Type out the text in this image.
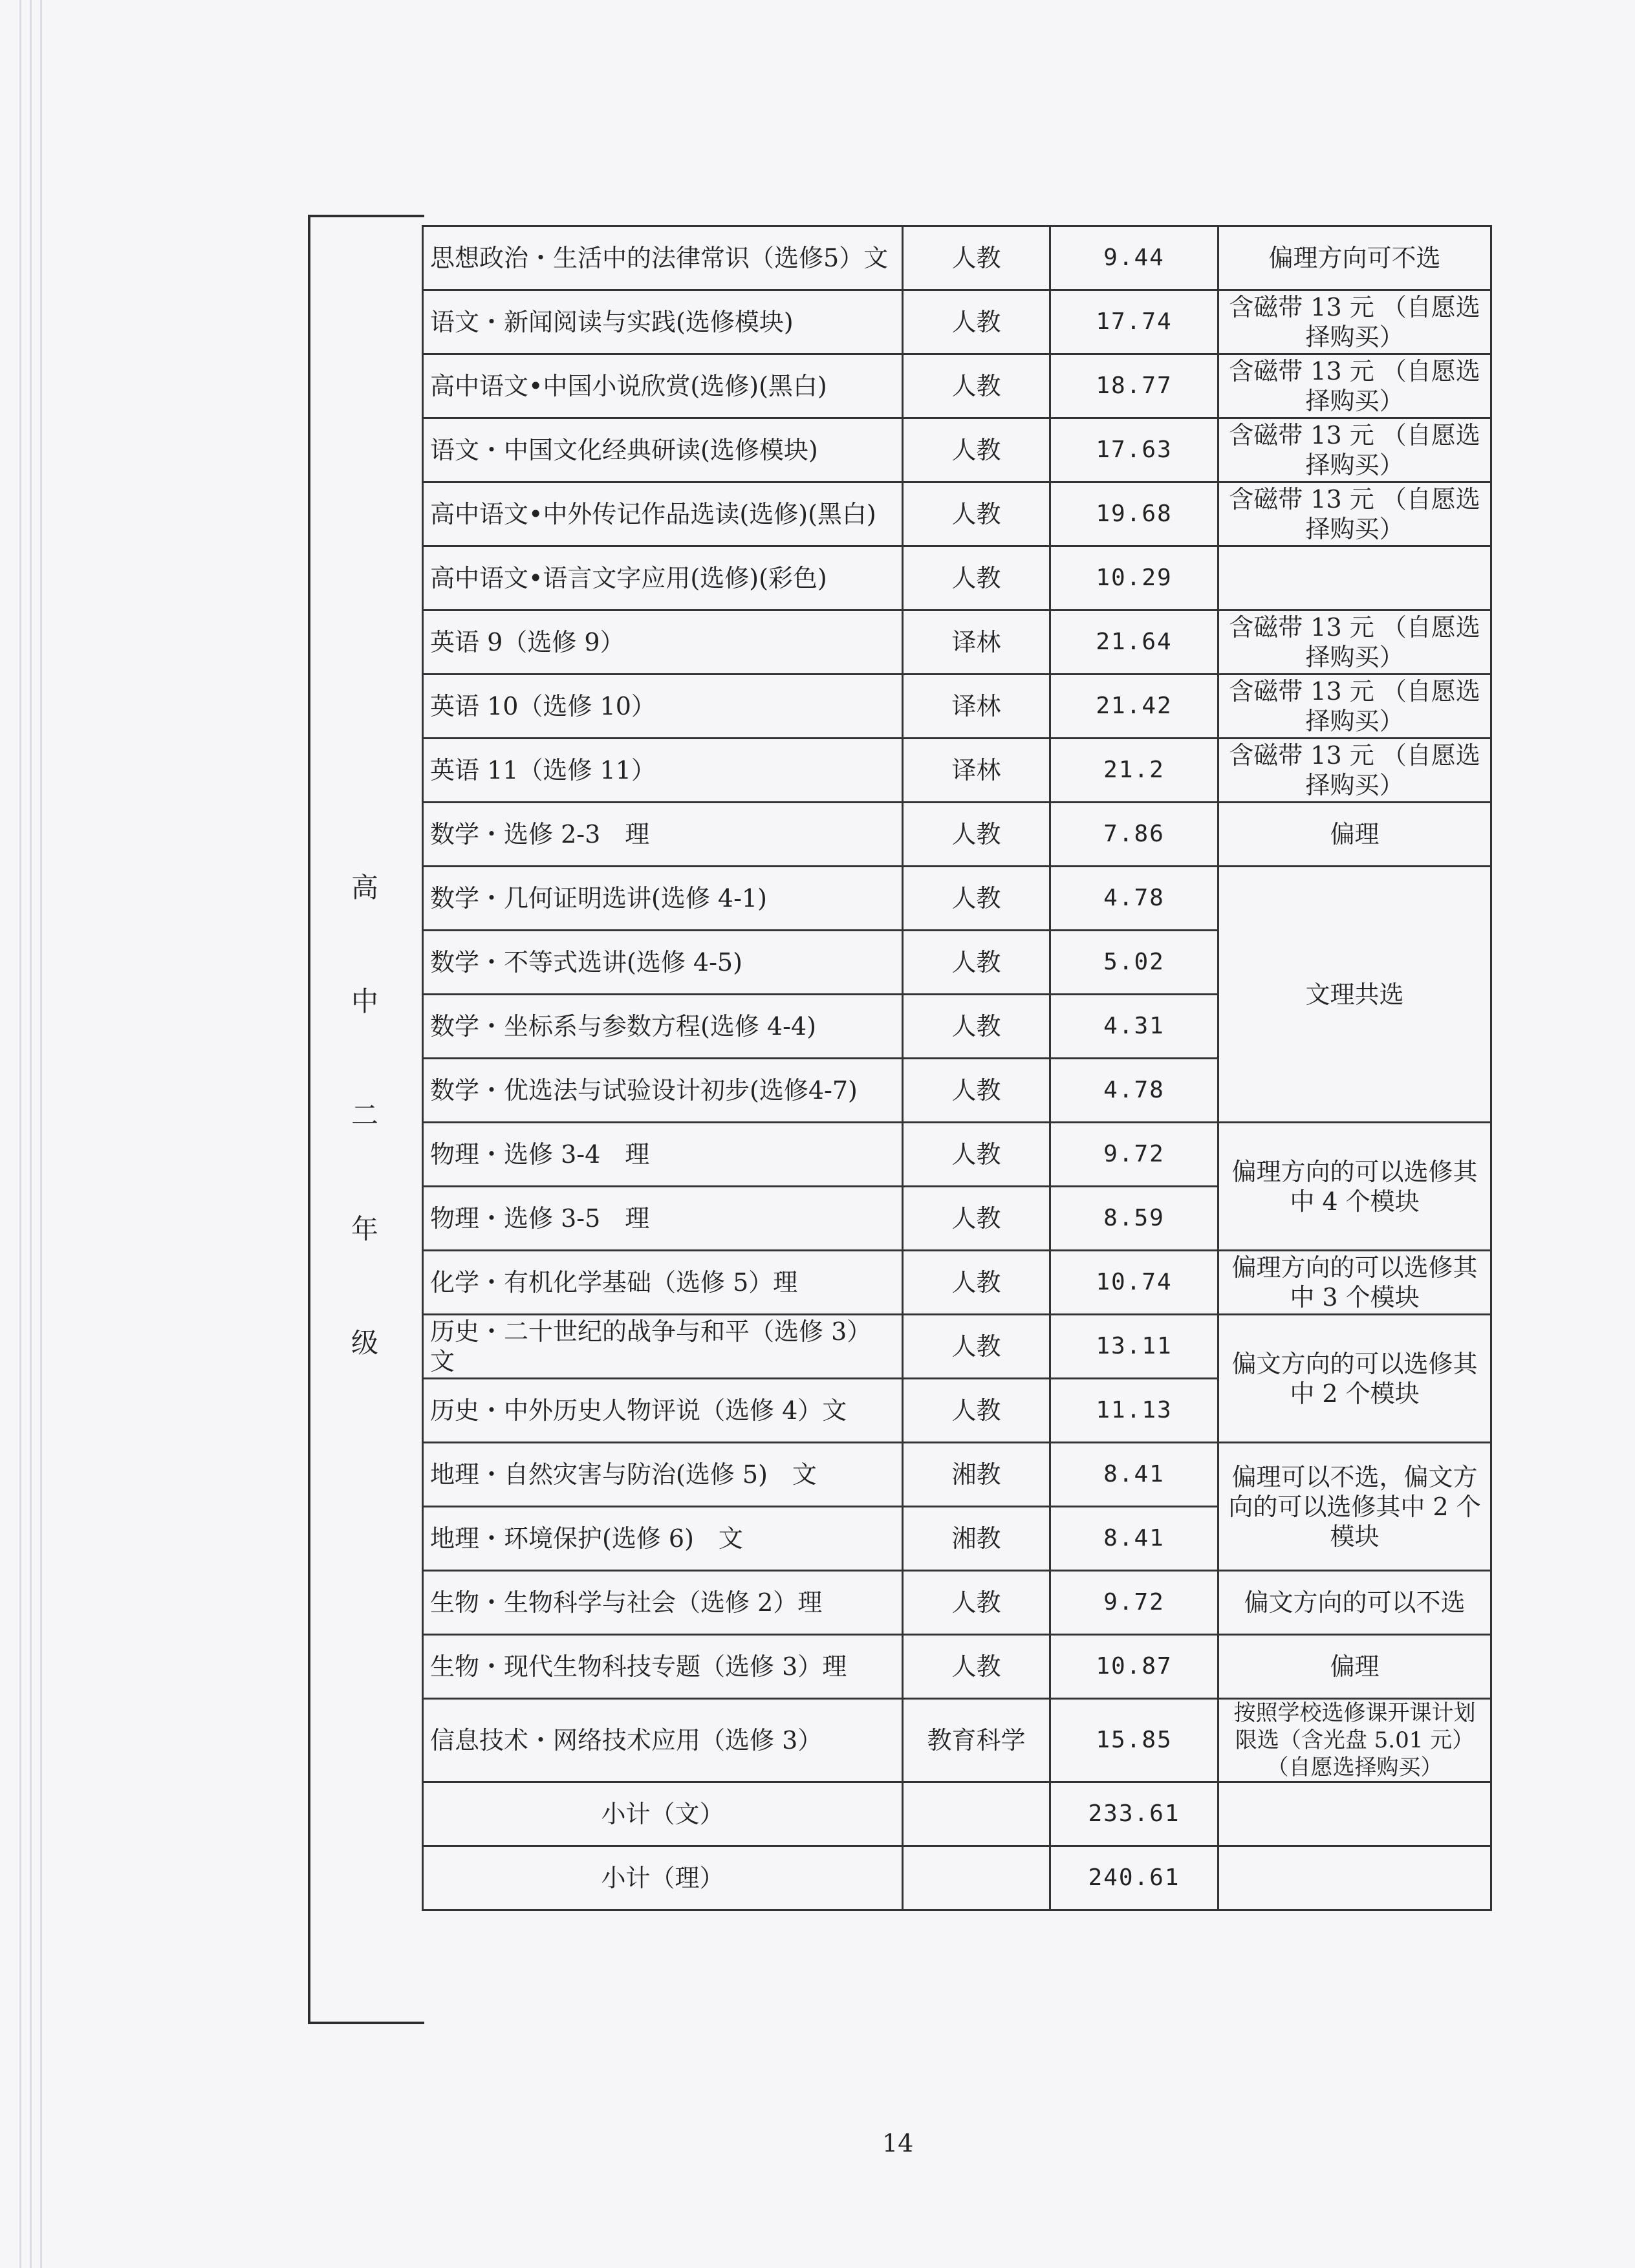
高
中
二
年
级
思想政治・生活中的法律常识（选修5）文	人教	9.44	偏理方向可不选
语文・新闻阅读与实践(选修模块)	人教	17.74	含磁带 13 元 （自愿选择购买）
高中语文•中国小说欣赏(选修)(黑白)	人教	18.77	含磁带 13 元 （自愿选择购买）
语文・中国文化经典研读(选修模块)	人教	17.63	含磁带 13 元 （自愿选择购买）
高中语文•中外传记作品选读(选修)(黑白)	人教	19.68	含磁带 13 元 （自愿选择购买）
高中语文•语言文字应用(选修)(彩色)	人教	10.29	
英语 9（选修 9）	译林	21.64	含磁带 13 元 （自愿选择购买）
英语 10（选修 10）	译林	21.42	含磁带 13 元 （自愿选择购买）
英语 11（选修 11）	译林	21.2	含磁带 13 元 （自愿选择购买）
数学・选修 2-3　理	人教	7.86	偏理
数学・几何证明选讲(选修 4-1)	人教	4.78	文理共选
数学・不等式选讲(选修 4-5)	人教	5.02	
数学・坐标系与参数方程(选修 4-4)	人教	4.31	
数学・优选法与试验设计初步(选修4-7)	人教	4.78	
物理・选修 3-4　理	人教	9.72	偏理方向的可以选修其中 4 个模块
物理・选修 3-5　理	人教	8.59	
化学・有机化学基础（选修 5）理	人教	10.74	偏理方向的可以选修其中 3 个模块
历史・二十世纪的战争与和平（选修 3）文	人教	13.11	偏文方向的可以选修其中 2 个模块
历史・中外历史人物评说（选修 4）文	人教	11.13	
地理・自然灾害与防治(选修 5)　文	湘教	8.41	偏理可以不选，偏文方向的可以选修其中 2 个模块
地理・环境保护(选修 6)　文	湘教	8.41	
生物・生物科学与社会（选修 2）理	人教	9.72	偏文方向的可以不选
生物・现代生物科技专题（选修 3）理	人教	10.87	偏理
信息技术・网络技术应用（选修 3）	教育科学	15.85	按照学校选修课开课计划限选（含光盘 5.01 元）（自愿选择购买）
小计（文）		233.61	
小计（理）		240.61	
14
